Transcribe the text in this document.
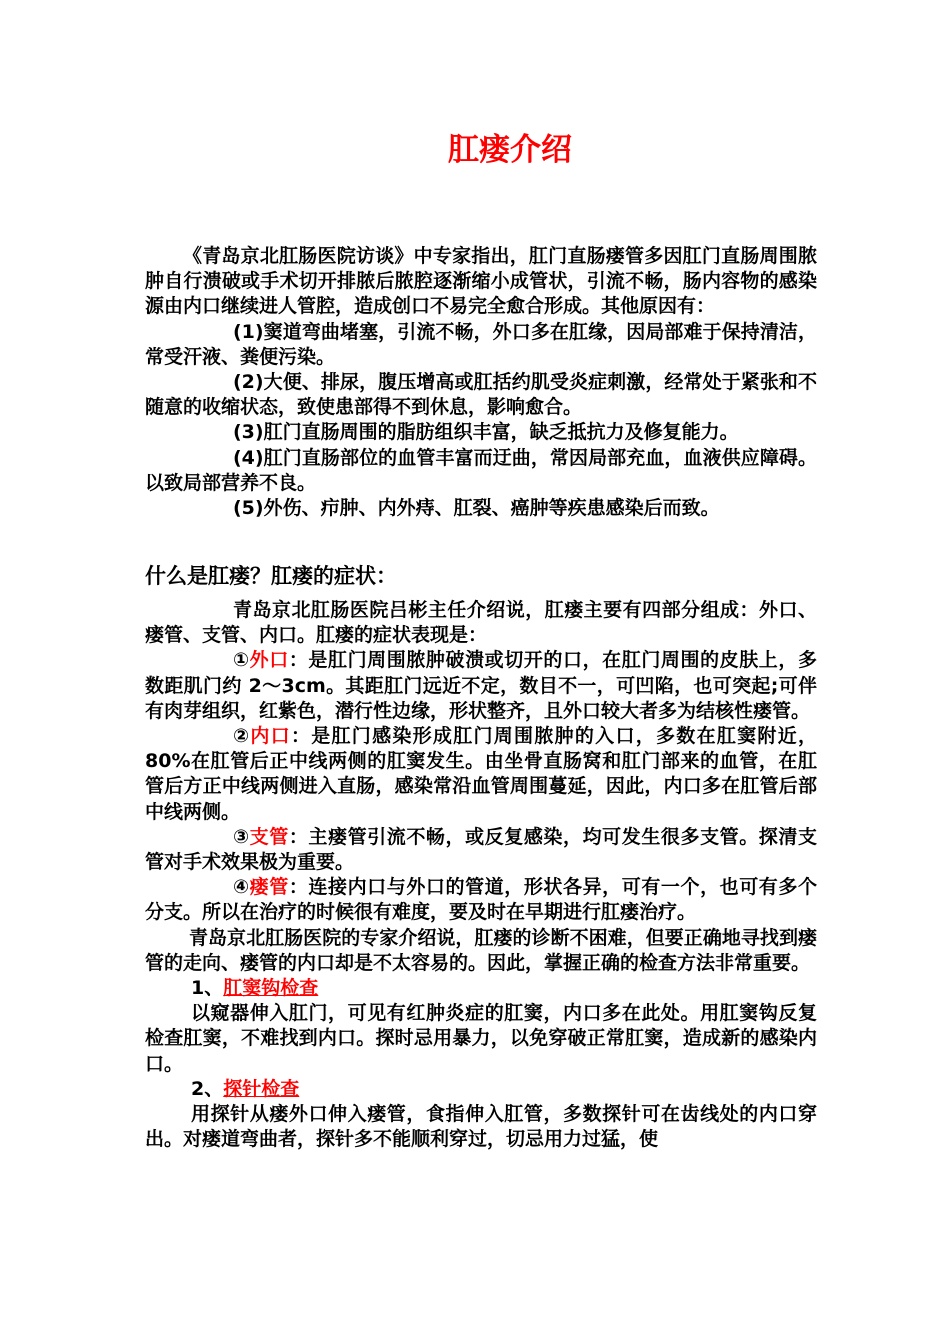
肛瘘介绍

《青岛京北肛肠医院访谈》中专家指出，肛门直肠瘘管多因肛门直肠周围脓肿自行溃破或手术切开排脓后脓腔逐渐缩小成管状，引流不畅，肠内容物的感染源由内口继续进人管腔，造成创口不易完全愈合形成。其他原因有：

(1)窦道弯曲堵塞，引流不畅，外口多在肛缘，因局部难于保持清洁，常受汗液、粪便污染。

(2)大便、排尿，腹压增高或肛括约肌受炎症刺激，经常处于紧张和不随意的收缩状态，致使患部得不到休息，影响愈合。

(3)肛门直肠周围的脂肪组织丰富，缺乏抵抗力及修复能力。

(4)肛门直肠部位的血管丰富而迂曲，常因局部充血，血液供应障碍。以致局部营养不良。

(5)外伤、疖肿、内外痔、肛裂、癌肿等疾患感染后而致。

什么是肛瘘？肛瘘的症状：

青岛京北肛肠医院吕彬主任介绍说，肛瘘主要有四部分组成：外口、瘘管、支管、内口。肛瘘的症状表现是：

①外口：是肛门周围脓肿破溃或切开的口，在肛门周围的皮肤上，多数距肌门约 2～3cm。其距肛门远近不定，数目不一，可凹陷，也可突起;可伴有肉芽组织，红紫色，潜行性边缘，形状整齐，且外口较大者多为结核性瘘管。

②内口：是肛门感染形成肛门周围脓肿的入口，多数在肛窦附近，80%在肛管后正中线两侧的肛窦发生。由坐骨直肠窝和肛门部来的血管，在肛管后方正中线两侧进入直肠，感染常沿血管周围蔓延，因此，内口多在肛管后部中线两侧。

③支管：主瘘管引流不畅，或反复感染，均可发生很多支管。探清支管对手术效果极为重要。

④瘘管：连接内口与外口的管道，形状各异，可有一个，也可有多个分支。所以在治疗的时候很有难度，要及时在早期进行肛瘘治疗。

青岛京北肛肠医院的专家介绍说，肛瘘的诊断不困难，但要正确地寻找到瘘管的走向、瘘管的内口却是不太容易的。因此，掌握正确的检查方法非常重要。

1、肛窦钩检查

以窥器伸入肛门，可见有红肿炎症的肛窦，内口多在此处。用肛窦钩反复检查肛窦，不难找到内口。探时忌用暴力，以免穿破正常肛窦，造成新的感染内口。

2、探针检查

用探针从瘘外口伸入瘘管，食指伸入肛管，多数探针可在齿线处的内口穿出。对瘘道弯曲者，探针多不能顺利穿过，切忌用力过猛，使
